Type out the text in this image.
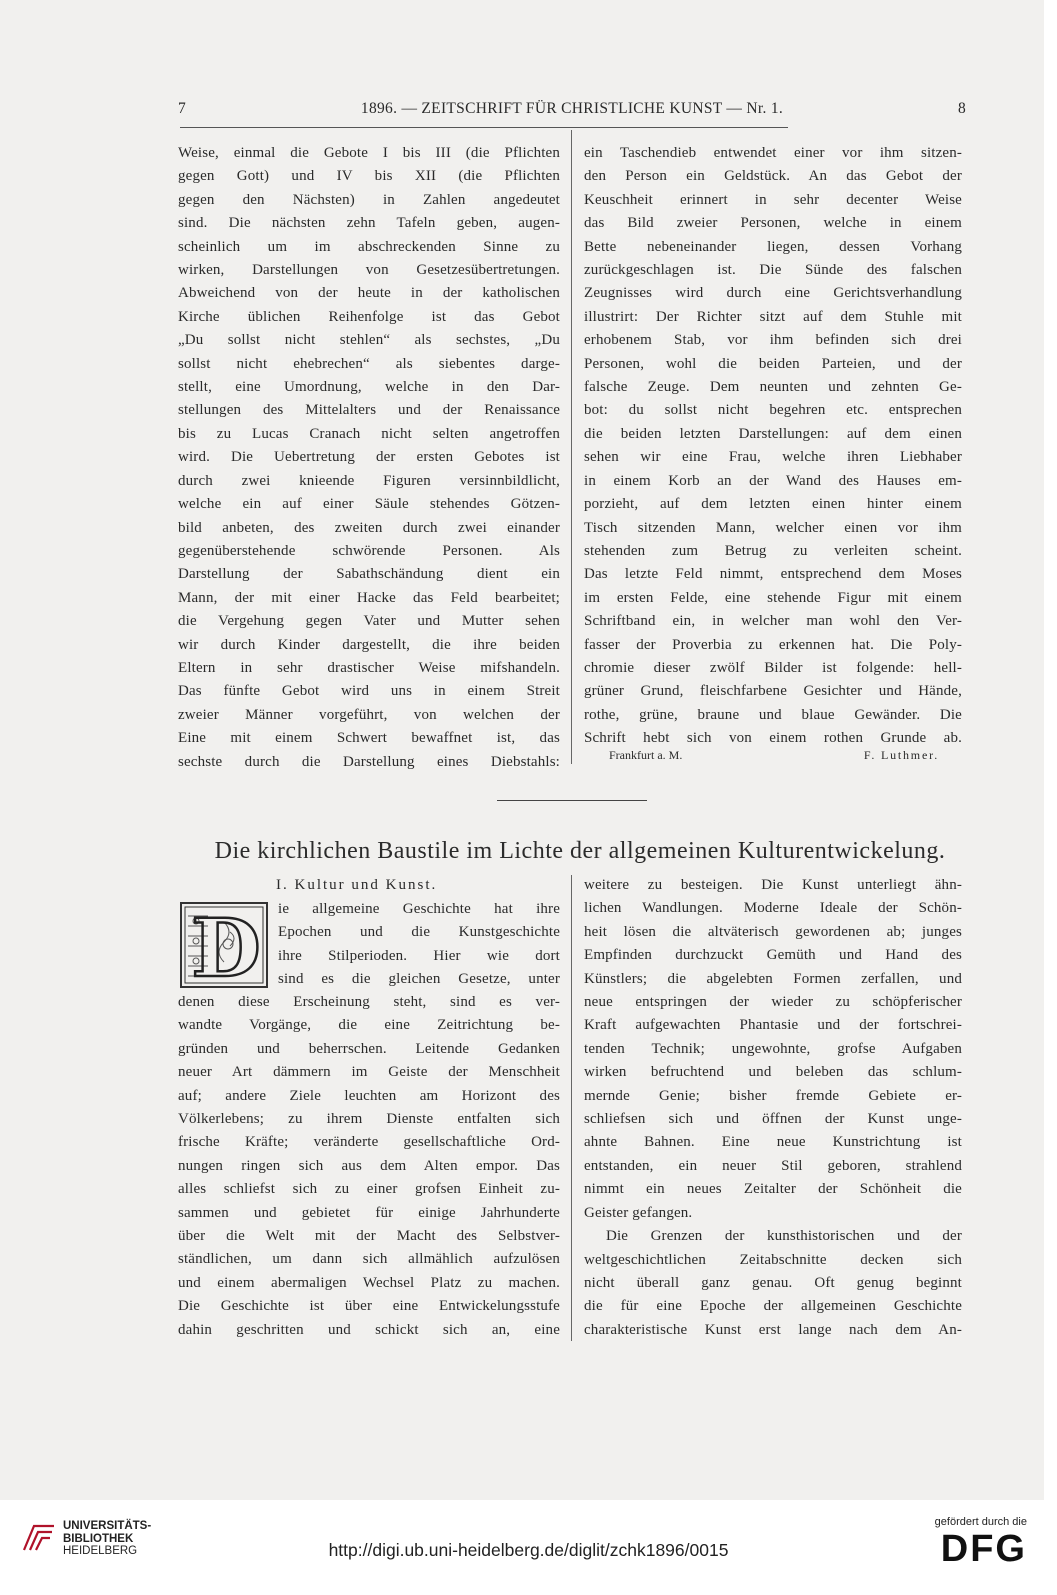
7	1896. — ZEITSCHRIFT FÜR CHRISTLICHE KUNST — Nr. 1.	8
Weise, einmal die Gebote I bis III (die Pflichten
gegen Gott) und IV bis XII (die Pflichten
gegen den Nächsten) in Zahlen angedeutet
sind. Die nächsten zehn Tafeln geben, augen-
scheinlich um im abschreckenden Sinne zu
wirken, Darstellungen von Gesetzesübertretungen.
Abweichend von der heute in der katholischen
Kirche üblichen Reihenfolge ist das Gebot
„Du sollst nicht stehlen“ als sechstes, „Du
sollst nicht ehebrechen“ als siebentes darge-
stellt, eine Umordnung, welche in den Dar-
stellungen des Mittelalters und der Renaissance
bis zu Lucas Cranach nicht selten angetroffen
wird. Die Uebertretung der ersten Gebotes ist
durch zwei knieende Figuren versinnbildlicht,
welche ein auf einer Säule stehendes Götzen-
bild anbeten, des zweiten durch zwei einander
gegenüberstehende schwörende Personen. Als
Darstellung der Sabathschändung dient ein
Mann, der mit einer Hacke das Feld bearbeitet;
die Vergehung gegen Vater und Mutter sehen
wir durch Kinder dargestellt, die ihre beiden
Eltern in sehr drastischer Weise mifshandeln.
Das fünfte Gebot wird uns in einem Streit
zweier Männer vorgeführt, von welchen der
Eine mit einem Schwert bewaffnet ist, das
sechste durch die Darstellung eines Diebstahls:
ein Taschendieb entwendet einer vor ihm sitzen-
den Person ein Geldstück. An das Gebot der
Keuschheit erinnert in sehr decenter Weise
das Bild zweier Personen, welche in einem
Bette nebeneinander liegen, dessen Vorhang
zurückgeschlagen ist. Die Sünde des falschen
Zeugnisses wird durch eine Gerichtsverhandlung
illustrirt: Der Richter sitzt auf dem Stuhle mit
erhobenem Stab, vor ihm befinden sich drei
Personen, wohl die beiden Parteien, und der
falsche Zeuge. Dem neunten und zehnten Ge-
bot: du sollst nicht begehren etc. entsprechen
die beiden letzten Darstellungen: auf dem einen
sehen wir eine Frau, welche ihren Liebhaber
in einem Korb an der Wand des Hauses em-
porzieht, auf dem letzten einen hinter einem
Tisch sitzenden Mann, welcher einen vor ihm
stehenden zum Betrug zu verleiten scheint.
Das letzte Feld nimmt, entsprechend dem Moses
im ersten Felde, eine stehende Figur mit einem
Schriftband ein, in welcher man wohl den Ver-
fasser der Proverbia zu erkennen hat. Die Poly-
chromie dieser zwölf Bilder ist folgende: hell-
grüner Grund, fleischfarbene Gesichter und Hände,
rothe, grüne, braune und blaue Gewänder. Die
Schrift hebt sich von einem rothen Grunde ab.
Frankfurt a. M.	F. Luthmer.
Die kirchlichen Baustile im Lichte der allgemeinen Kulturentwickelung.
I. Kultur und Kunst.
D ie allgemeine Geschichte hat ihre
Epochen und die Kunstgeschichte
ihre Stilperioden. Hier wie dort
sind es die gleichen Gesetze, unter
denen diese Erscheinung steht, sind es ver-
wandte Vorgänge, die eine Zeitrichtung be-
gründen und beherrschen. Leitende Gedanken
neuer Art dämmern im Geiste der Menschheit
auf; andere Ziele leuchten am Horizont des
Völkerlebens; zu ihrem Dienste entfalten sich
frische Kräfte; veränderte gesellschaftliche Ord-
nungen ringen sich aus dem Alten empor. Das
alles schliefst sich zu einer grofsen Einheit zu-
sammen und gebietet für einige Jahrhunderte
über die Welt mit der Macht des Selbstver-
ständlichen, um dann sich allmählich aufzulösen
und einem abermaligen Wechsel Platz zu machen.
Die Geschichte ist über eine Entwickelungsstufe
dahin geschritten und schickt sich an, eine
weitere zu besteigen. Die Kunst unterliegt ähn-
lichen Wandlungen. Moderne Ideale der Schön-
heit lösen die altväterisch gewordenen ab; junges
Empfinden durchzuckt Gemüth und Hand des
Künstlers; die abgelebten Formen zerfallen, und
neue entspringen der wieder zu schöpferischer
Kraft aufgewachten Phantasie und der fortschrei-
tenden Technik; ungewohnte, grofse Aufgaben
wirken befruchtend und beleben das schlum-
mernde Genie; bisher fremde Gebiete er-
schliefsen sich und öffnen der Kunst unge-
ahnte Bahnen. Eine neue Kunstrichtung ist
entstanden, ein neuer Stil geboren, strahlend
nimmt ein neues Zeitalter der Schönheit die
Geister gefangen.
Die Grenzen der kunsthistorischen und der
weltgeschichtlichen Zeitabschnitte decken sich
nicht überall ganz genau. Oft genug beginnt
die für eine Epoche der allgemeinen Geschichte
charakteristische Kunst erst lange nach dem An-
UNIVERSITÄTS-
BIBLIOTHEK
HEIDELBERG	http://digi.ub.uni-heidelberg.de/diglit/zchk1896/0015
gefördert durch die
DFG
